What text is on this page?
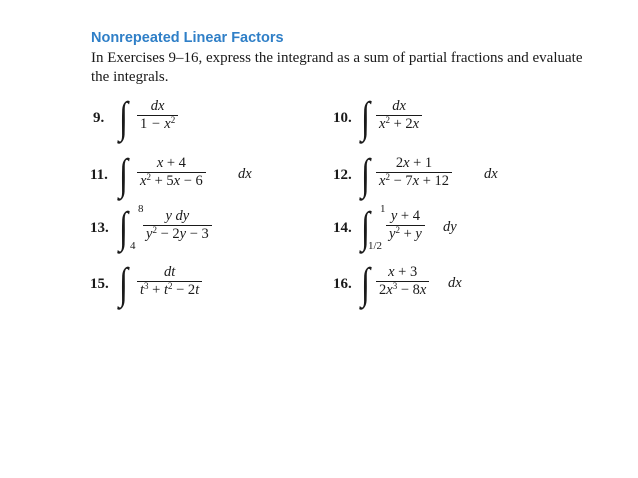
Nonrepeated Linear Factors
In Exercises 9–16, express the integrand as a sum of partial fractions and evaluate the integrals.
9. ∫ dx
$1 - x^2$	10. ∫ dx
$x^2 + 2x$
11. ∫ x + 4
$x^2 + 5x - 6$ dx	12. ∫ 2x + 1
$x^2 - 7x + 12$ dx
13. ∫ 8
4
y dy
$y^2 - 2y - 3$	14. ∫ 1
1/2
y + 4
$y^2 + y$ dy
15. ∫ dt
$t^3 + t^2 - 2t$	16. ∫ x + 3
$2x^3 - 8x$ dx
